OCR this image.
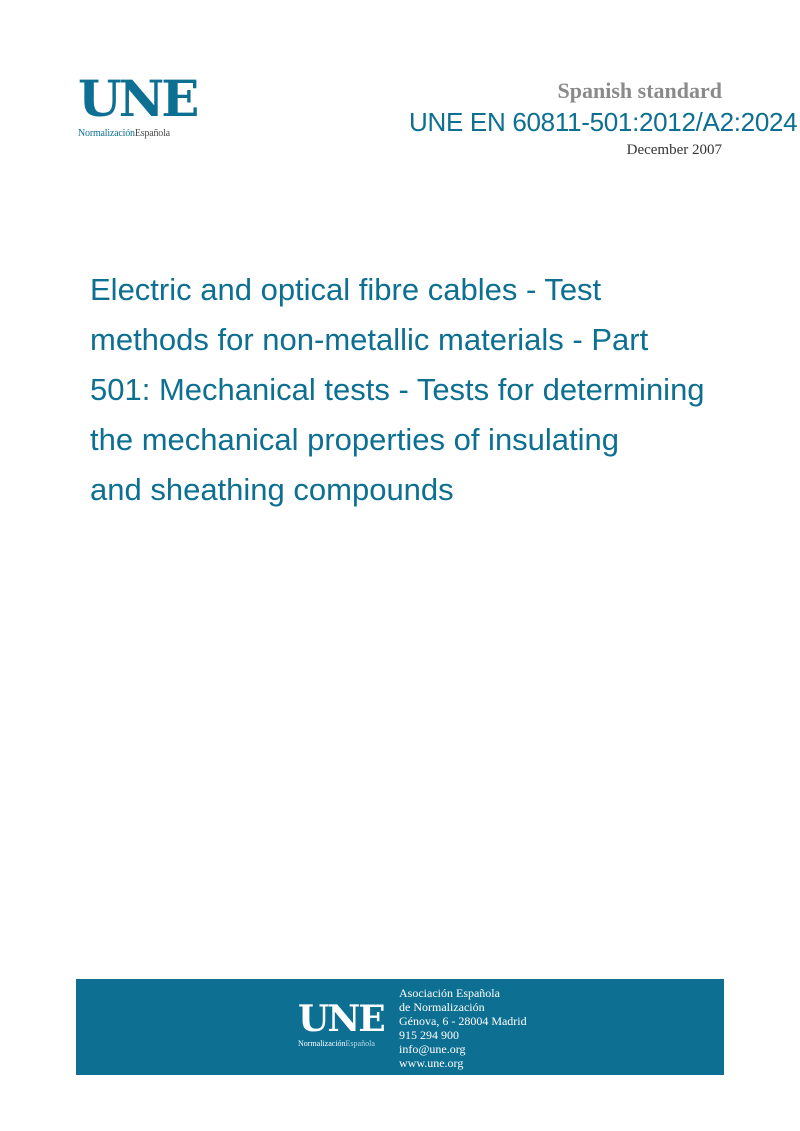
UNE
NormalizaciónEspañola
Spanish standard
UNE EN 60811-501:2012/A2:2024
December 2007
Electric and optical fibre cables - Test
methods for non-metallic materials - Part
501: Mechanical tests - Tests for determining
the mechanical properties of insulating
and sheathing compounds
UNE
NormalizaciónEspañola
Asociación Española
de Normalización
Génova, 6 - 28004 Madrid
915 294 900
info@une.org
www.une.org
